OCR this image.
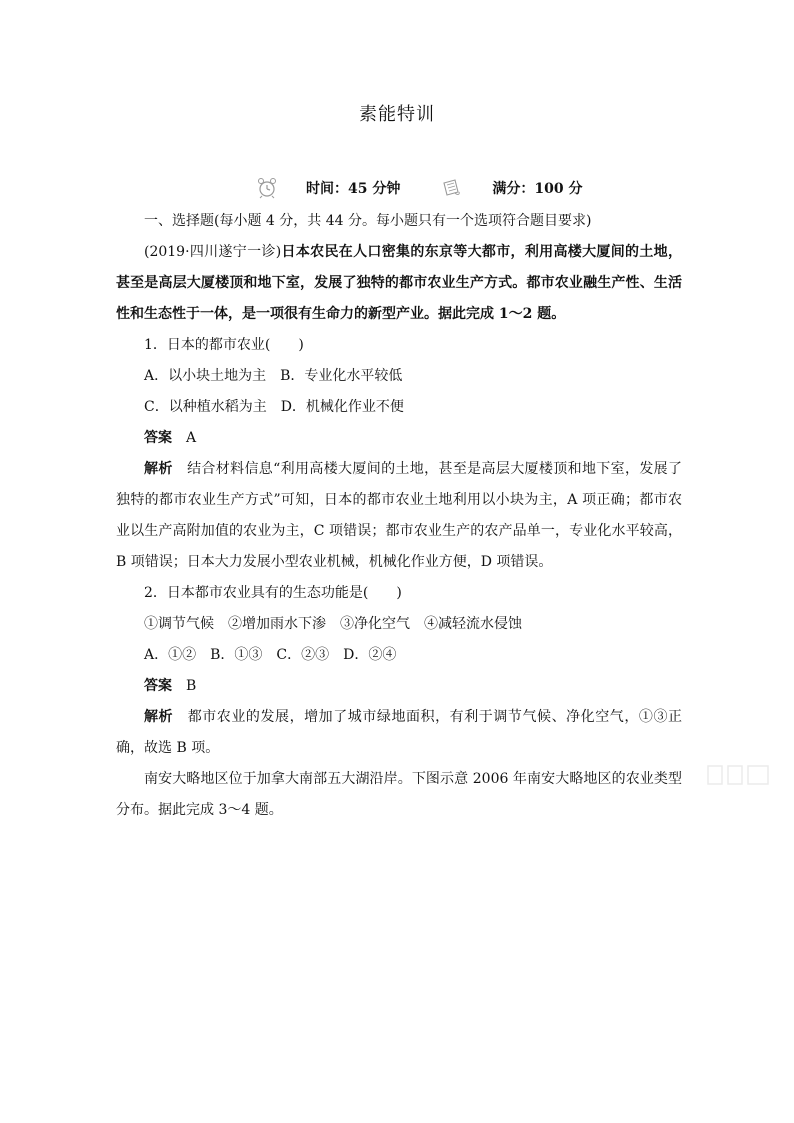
素能特训
时间：45 分钟	满分：100 分

一、选择题(每小题 4 分，共 44 分。每小题只有一个选项符合题目要求)

(2019·四川遂宁一诊)日本农民在人口密集的东京等大都市，利用高楼大厦间的土地，甚至是高层大厦楼顶和地下室，发展了独特的都市农业生产方式。都市农业融生产性、生活性和生态性于一体，是一项很有生命力的新型产业。据此完成 1～2 题。

1．日本的都市农业(　　)

A．以小块土地为主　B．专业化水平较低

C．以种植水稻为主　D．机械化作业不便

答案　 A

解析　 结合材料信息“利用高楼大厦间的土地，甚至是高层大厦楼顶和地下室，发展了独特的都市农业生产方式”可知，日本的都市农业土地利用以小块为主，A 项正确；都市农业以生产高附加值的农业为主，C 项错误；都市农业生产的农产品单一，专业化水平较高，B 项错误；日本大力发展小型农业机械，机械化作业方便，D 项错误。

2．日本都市农业具有的生态功能是(　　)

①调节气候　②增加雨水下渗　③净化空气　④减轻流水侵蚀

A．①②　B．①③　C．②③　D．②④

答案　 B

解析　 都市农业的发展，增加了城市绿地面积，有利于调节气候、净化空气，①③正确，故选 B 项。

南安大略地区位于加拿大南部五大湖沿岸。下图示意 2006 年南安大略地区的农业类型分布。据此完成 3～4 题。
